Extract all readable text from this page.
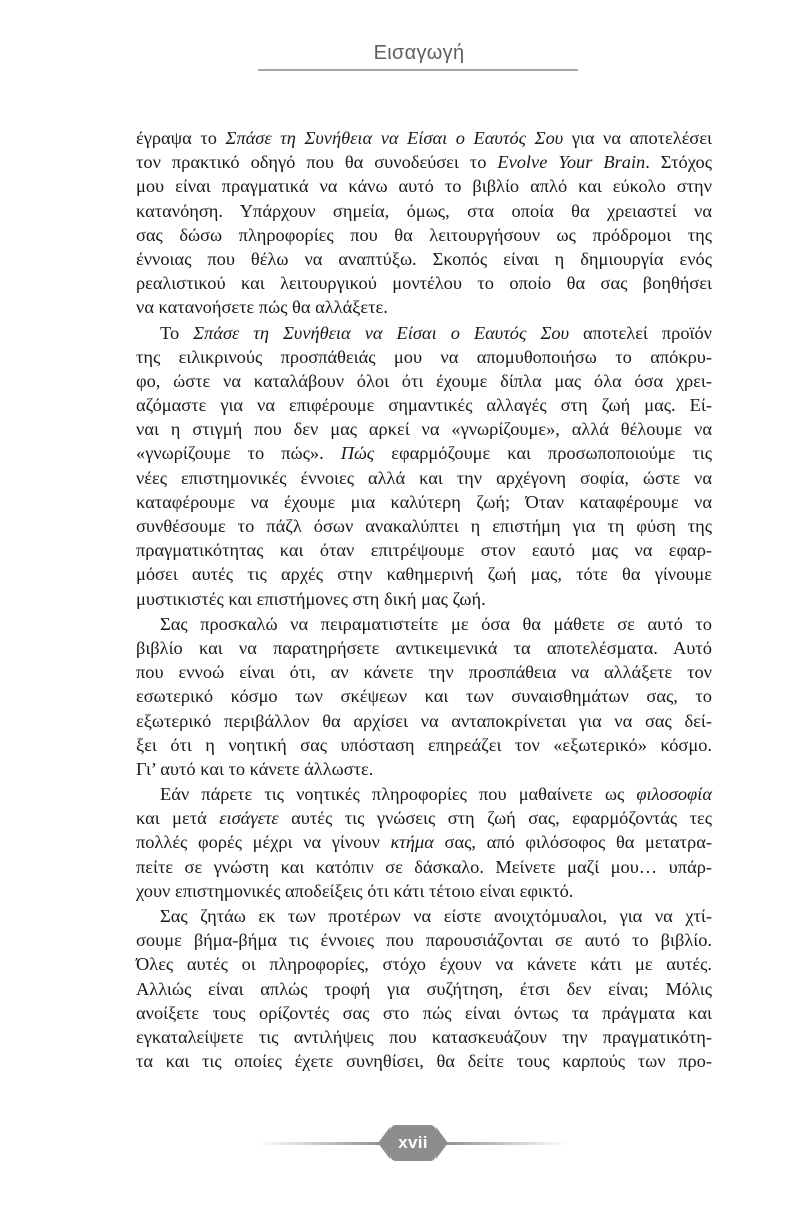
Εισαγωγή
έγραψα το Σπάσε τη Συνήθεια να Είσαι ο Εαυτός Σου για να αποτελέσει
τον πρακτικό οδηγό που θα συνοδεύσει το Evolve Your Brain. Στόχος
μου είναι πραγματικά να κάνω αυτό το βιβλίο απλό και εύκολο στην
κατανόηση. Υπάρχουν σημεία, όμως, στα οποία θα χρειαστεί να
σας δώσω πληροφορίες που θα λειτουργήσουν ως πρόδρομοι της
έννοιας που θέλω να αναπτύξω. Σκοπός είναι η δημιουργία ενός
ρεαλιστικού και λειτουργικού μοντέλου το οποίο θα σας βοηθήσει
να κατανοήσετε πώς θα αλλάξετε.
Το Σπάσε τη Συνήθεια να Είσαι ο Εαυτός Σου αποτελεί προϊόν
της ειλικρινούς προσπάθειάς μου να απομυθοποιήσω το απόκρυ-
φο, ώστε να καταλάβουν όλοι ότι έχουμε δίπλα μας όλα όσα χρει-
αζόμαστε για να επιφέρουμε σημαντικές αλλαγές στη ζωή μας. Εί-
ναι η στιγμή που δεν μας αρκεί να «γνωρίζουμε», αλλά θέλουμε να
«γνωρίζουμε το πώς». Πώς εφαρμόζουμε και προσωποποιούμε τις
νέες επιστημονικές έννοιες αλλά και την αρχέγονη σοφία, ώστε να
καταφέρουμε να έχουμε μια καλύτερη ζωή; Όταν καταφέρουμε να
συνθέσουμε το πάζλ όσων ανακαλύπτει η επιστήμη για τη φύση της
πραγματικότητας και όταν επιτρέψουμε στον εαυτό μας να εφαρ-
μόσει αυτές τις αρχές στην καθημερινή ζωή μας, τότε θα γίνουμε
μυστικιστές και επιστήμονες στη δική μας ζωή.
Σας προσκαλώ να πειραματιστείτε με όσα θα μάθετε σε αυτό το
βιβλίο και να παρατηρήσετε αντικειμενικά τα αποτελέσματα. Αυτό
που εννοώ είναι ότι, αν κάνετε την προσπάθεια να αλλάξετε τον
εσωτερικό κόσμο των σκέψεων και των συναισθημάτων σας, το
εξωτερικό περιβάλλον θα αρχίσει να ανταποκρίνεται για να σας δεί-
ξει ότι η νοητική σας υπόσταση επηρεάζει τον «εξωτερικό» κόσμο.
Γι’ αυτό και το κάνετε άλλωστε.
Εάν πάρετε τις νοητικές πληροφορίες που μαθαίνετε ως φιλοσοφία
και μετά εισάγετε αυτές τις γνώσεις στη ζωή σας, εφαρμόζοντάς τες
πολλές φορές μέχρι να γίνουν κτήμα σας, από φιλόσοφος θα μετατρα-
πείτε σε γνώστη και κατόπιν σε δάσκαλο. Μείνετε μαζί μου… υπάρ-
χουν επιστημονικές αποδείξεις ότι κάτι τέτοιο είναι εφικτό.
Σας ζητάω εκ των προτέρων να είστε ανοιχτόμυαλοι, για να χτί-
σουμε βήμα-βήμα τις έννοιες που παρουσιάζονται σε αυτό το βιβλίο.
Όλες αυτές οι πληροφορίες, στόχο έχουν να κάνετε κάτι με αυτές.
Αλλιώς είναι απλώς τροφή για συζήτηση, έτσι δεν είναι; Μόλις
ανοίξετε τους ορίζοντές σας στο πώς είναι όντως τα πράγματα και
εγκαταλείψετε τις αντιλήψεις που κατασκευάζουν την πραγματικότη-
τα και τις οποίες έχετε συνηθίσει, θα δείτε τους καρπούς των προ-
xvii
